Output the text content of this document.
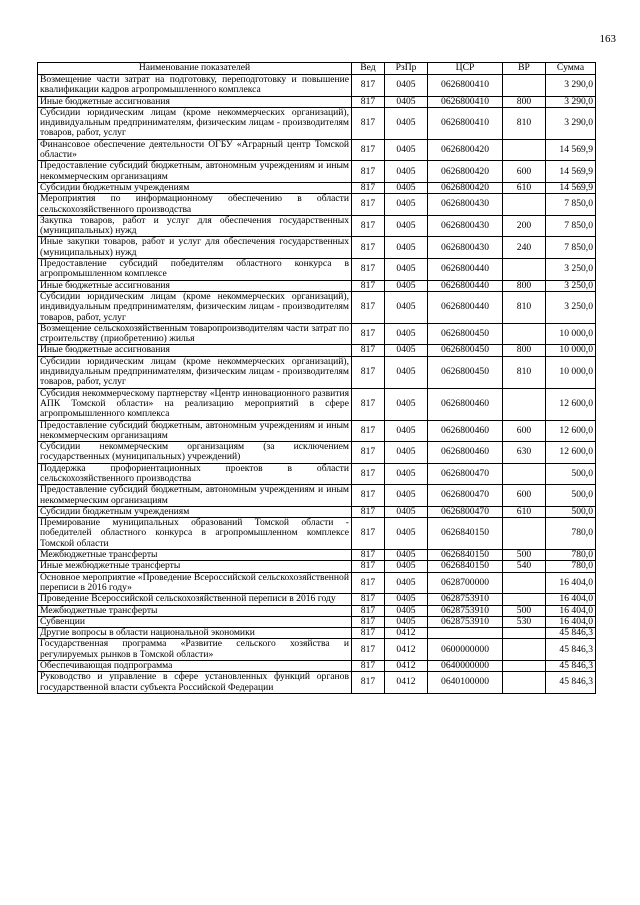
163
Наименование показателей	Вед	РзПр	ЦСР	ВР	Сумма
Возмещение части затрат на подготовку, переподготовку и повышение квалификации кадров агропромышленного комплекса	817	0405	0626800410		3 290,0
Иные бюджетные ассигнования	817	0405	0626800410	800	3 290,0
Субсидии юридическим лицам (кроме некоммерческих организаций), индивидуальным предпринимателям, физическим лицам - производителям товаров, работ, услуг	817	0405	0626800410	810	3 290,0
Финансовое обеспечение деятельности ОГБУ «Аграрный центр Томской области»	817	0405	0626800420		14 569,9
Предоставление субсидий бюджетным, автономным учреждениям и иным некоммерческим организациям	817	0405	0626800420	600	14 569,9
Субсидии бюджетным учреждениям	817	0405	0626800420	610	14 569,9
Мероприятия по информационному обеспечению в области сельскохозяйственного производства	817	0405	0626800430		7 850,0
Закупка товаров, работ и услуг для обеспечения государственных (муниципальных) нужд	817	0405	0626800430	200	7 850,0
Иные закупки товаров, работ и услуг для обеспечения государственных (муниципальных) нужд	817	0405	0626800430	240	7 850,0
Предоставление субсидий победителям областного конкурса в агропромышленном комплексе	817	0405	0626800440		3 250,0
Иные бюджетные ассигнования	817	0405	0626800440	800	3 250,0
Субсидии юридическим лицам (кроме некоммерческих организаций), индивидуальным предпринимателям, физическим лицам - производителям товаров, работ, услуг	817	0405	0626800440	810	3 250,0
Возмещение сельскохозяйственным товаропроизводителям части затрат по строительству (приобретению) жилья	817	0405	0626800450		10 000,0
Иные бюджетные ассигнования	817	0405	0626800450	800	10 000,0
Субсидии юридическим лицам (кроме некоммерческих организаций), индивидуальным предпринимателям, физическим лицам - производителям товаров, работ, услуг	817	0405	0626800450	810	10 000,0
Субсидия некоммерческому партнерству «Центр инновационного развития АПК Томской области» на реализацию мероприятий в сфере агропромышленного комплекса	817	0405	0626800460		12 600,0
Предоставление субсидий бюджетным, автономным учреждениям и иным некоммерческим организациям	817	0405	0626800460	600	12 600,0
Субсидии некоммерческим организациям (за исключением государственных (муниципальных) учреждений)	817	0405	0626800460	630	12 600,0
Поддержка профориентационных проектов в области сельскохозяйственного производства	817	0405	0626800470		500,0
Предоставление субсидий бюджетным, автономным учреждениям и иным некоммерческим организациям	817	0405	0626800470	600	500,0
Субсидии бюджетным учреждениям	817	0405	0626800470	610	500,0
Премирование муниципальных образований Томской области - победителей областного конкурса в агропромышленном комплексе Томской области	817	0405	0626840150		780,0
Межбюджетные трансферты	817	0405	0626840150	500	780,0
Иные межбюджетные трансферты	817	0405	0626840150	540	780,0
Основное мероприятие «Проведение Всероссийской сельскохозяйственной переписи в 2016 году»	817	0405	0628700000		16 404,0
Проведение Всероссийской сельскохозяйственной переписи в 2016 году	817	0405	0628753910		16 404,0
Межбюджетные трансферты	817	0405	0628753910	500	16 404,0
Субвенции	817	0405	0628753910	530	16 404,0
Другие вопросы в области национальной экономики	817	0412			45 846,3
Государственная программа «Развитие сельского хозяйства и регулируемых рынков в Томской области»	817	0412	0600000000		45 846,3
Обеспечивающая подпрограмма	817	0412	0640000000		45 846,3
Руководство и управление в сфере установленных функций органов государственной власти субъекта Российской Федерации	817	0412	0640100000		45 846,3
